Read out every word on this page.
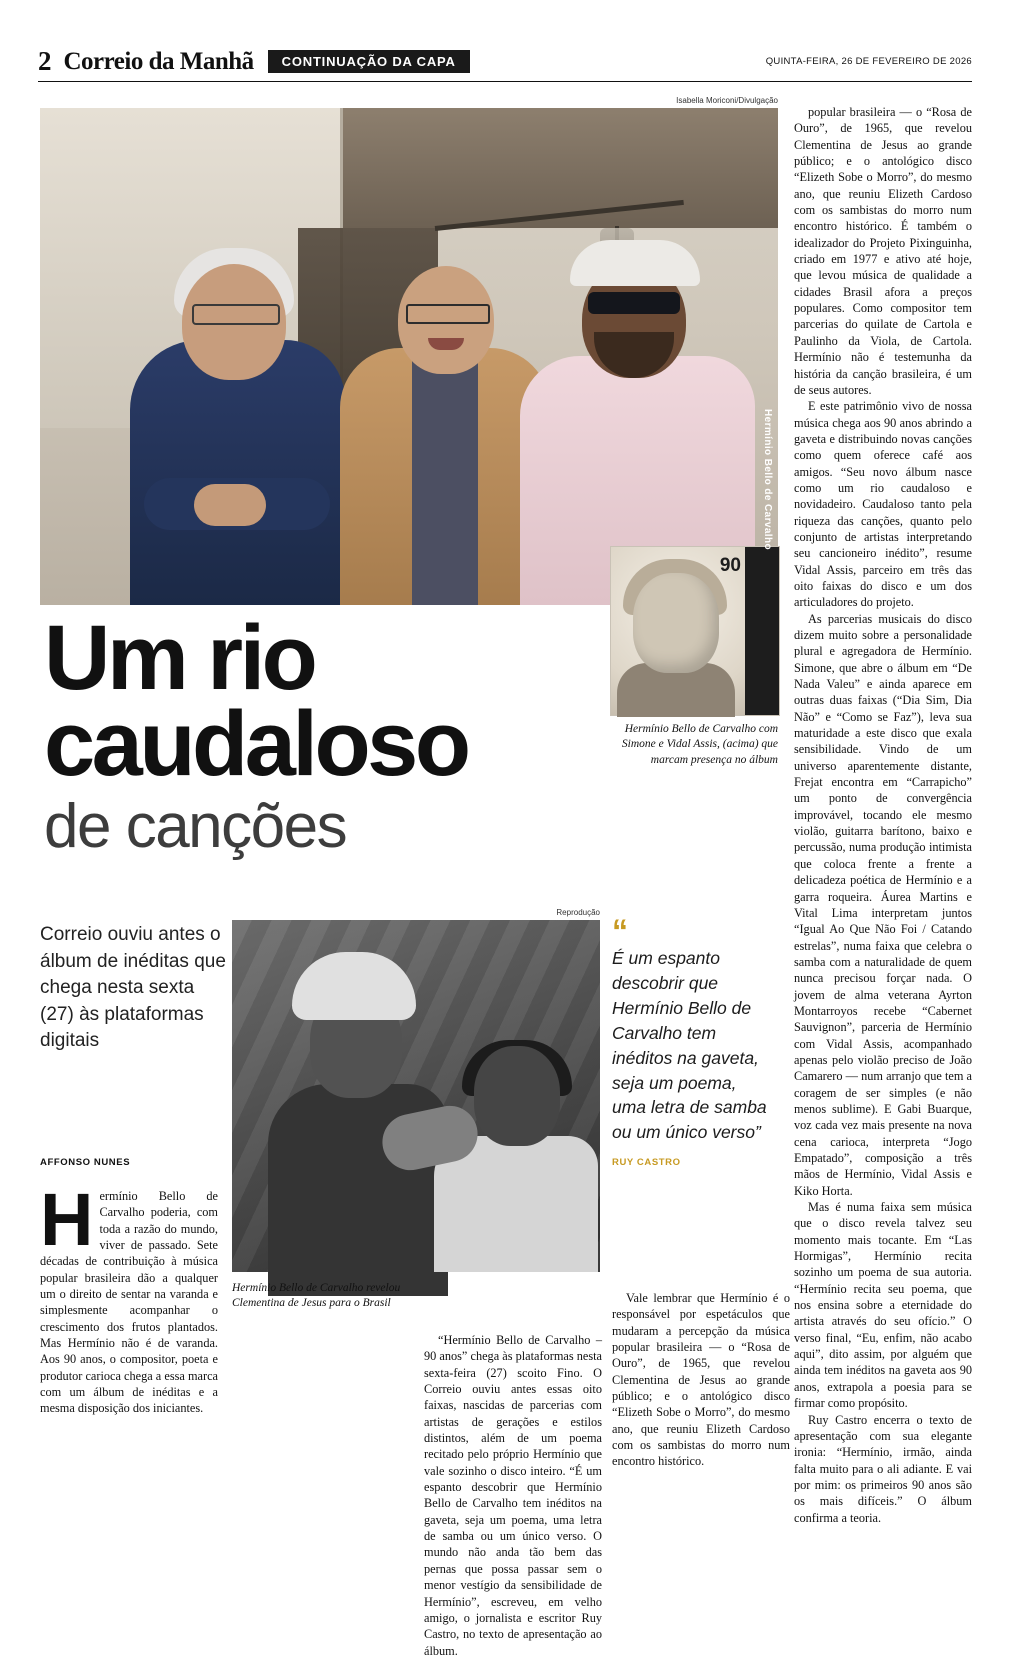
2 Correio da Manhã	CONTINUAÇÃO DA CAPA	QUINTA-FEIRA, 26 DE FEVEREIRO DE 2026
Isabella Moriconi/Divulgação
90
Hermínio Bello de Carvalho
Hermínio Bello de Carvalho com Simone e Vidal Assis, (acima) que marcam presença no álbum
Um rio
caudaloso
de canções
Correio ouviu antes o álbum de inéditas que chega nesta sexta (27) às plataformas digitais
AFFONSO NUNES
Reprodução
Hermínio Bello de Carvalho revelou Clementina de Jesus para o Brasil
“
É um espanto descobrir que Hermínio Bello de Carvalho tem inéditos na gaveta, seja um poema, uma letra de samba ou um único verso”
RUY CASTRO

Hermínio Bello de Carvalho poderia, com toda a razão do mundo, viver de passado. Sete décadas de contribuição à música popular brasileira dão a qualquer um o direito de sentar na varanda e simplesmente acompanhar o crescimento dos frutos plantados. Mas Hermínio não é de varanda. Aos 90 anos, o compositor, poeta e produtor carioca chega a essa marca com um álbum de inéditas e a mesma disposição dos iniciantes.

“Hermínio Bello de Carvalho – 90 anos” chega às plataformas nesta sexta-feira (27) scoito Fino. O Correio ouviu antes essas oito faixas, nascidas de parcerias com artistas de gerações e estilos distintos, além de um poema recitado pelo próprio Hermínio que vale sozinho o disco inteiro. “É um espanto descobrir que Hermínio Bello de Carvalho tem inéditos na gaveta, seja um poema, uma letra de samba ou um único verso. O mundo não anda tão bem das pernas que possa passar sem o menor vestígio da sensibilidade de Hermínio”, escreveu, em velho amigo, o jornalista e escritor Ruy Castro, no texto de apresentação ao álbum.

Vale lembrar que Hermínio é o responsável por espetáculos que mudaram a percepção da música popular brasileira — o “Rosa de Ouro”, de 1965, que revelou Clementina de Jesus ao grande público; e o antológico disco “Elizeth Sobe o Morro”, do mesmo ano, que reuniu Elizeth Cardoso com os sambistas do morro num encontro histórico.

popular brasileira — o “Rosa de Ouro”, de 1965, que revelou Clementina de Jesus ao grande público; e o antológico disco “Elizeth Sobe o Morro”, do mesmo ano, que reuniu Elizeth Cardoso com os sambistas do morro num encontro histórico. É também o idealizador do Projeto Pixinguinha, criado em 1977 e ativo até hoje, que levou música de qualidade a cidades Brasil afora a preços populares. Como compositor tem parcerias do quilate de Cartola e Paulinho da Viola, de Cartola. Hermínio não é testemunha da história da canção brasileira, é um de seus autores.

E este patrimônio vivo de nossa música chega aos 90 anos abrindo a gaveta e distribuindo novas canções como quem oferece café aos amigos. “Seu novo álbum nasce como um rio caudaloso e novidadeiro. Caudaloso tanto pela riqueza das canções, quanto pelo conjunto de artistas interpretando seu cancioneiro inédito”, resume Vidal Assis, parceiro em três das oito faixas do disco e um dos articuladores do projeto.

As parcerias musicais do disco dizem muito sobre a personalidade plural e agregadora de Hermínio. Simone, que abre o álbum em “De Nada Valeu” e ainda aparece em outras duas faixas (“Dia Sim, Dia Não” e “Como se Faz”), leva sua maturidade a este disco que exala sensibilidade. Vindo de um universo aparentemente distante, Frejat encontra em “Carrapicho” um ponto de convergência improvável, tocando ele mesmo violão, guitarra barítono, baixo e percussão, numa produção intimista que coloca frente a frente a delicadeza poética de Hermínio e a garra roqueira. Áurea Martins e Vital Lima interpretam juntos “Igual Ao Que Não Foi / Catando estrelas”, numa faixa que celebra o samba com a naturalidade de quem nunca precisou forçar nada. O jovem de alma veterana Ayrton Montarroyos recebe “Cabernet Sauvignon”, parceria de Hermínio com Vidal Assis, acompanhado apenas pelo violão preciso de João Camarero — num arranjo que tem a coragem de ser simples (e não menos sublime). E Gabi Buarque, voz cada vez mais presente na nova cena carioca, interpreta “Jogo Empatado”, composição a três mãos de Hermínio, Vidal Assis e Kiko Horta.

Mas é numa faixa sem música que o disco revela talvez seu momento mais tocante. Em “Las Hormigas”, Hermínio recita sozinho um poema de sua autoria. “Hermínio recita seu poema, que nos ensina sobre a eternidade do artista através do seu ofício.” O verso final, “Eu, enfim, não acabo aqui”, dito assim, por alguém que ainda tem inéditos na gaveta aos 90 anos, extrapola a poesia para se firmar como propósito.

Ruy Castro encerra o texto de apresentação com sua elegante ironia: “Hermínio, irmão, ainda falta muito para o ali adiante. E vai por mim: os primeiros 90 anos são os mais difíceis.” O álbum confirma a teoria.
